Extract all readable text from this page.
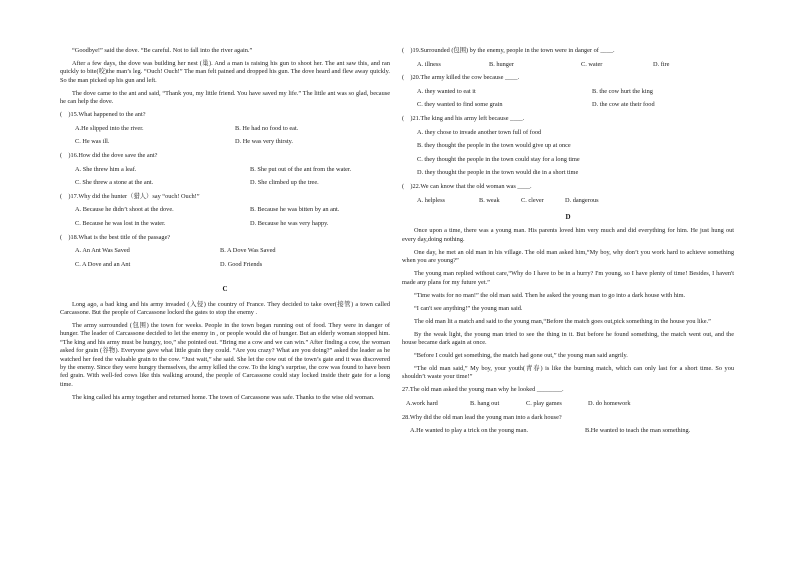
“Goodbye!” said the dove. “Be careful. Not to fall into the river again.”

After a few days, the dove was building her nest (巢). And a man is raising his gun to shoot her. The ant saw this, and ran quickly to bite(咬)the man’s leg. “Ouch! Ouch!” The man felt pained and dropped his gun. The dove heard and flew away quickly. So the man picked up his gun and left.

The dove came to the ant and said, “Thank you, my little friend. You have saved my life.” The little ant was so glad, because he can help the dove.

(　)15.What happened to the ant?
A.He slipped into the river.	B. He had no food to eat.
C. He was ill.	D. He was very thirsty.
(　)16.How did the dove save the ant?
A. She threw him a leaf.	B. She put out of the ant from the water.
C. She threw a stone at the ant.	D. She climbed up the tree.
(　)17.Why did the hunter（猎人）say “ouch! Ouch!”
A. Because he didn’t shoot at the dove.	B. Because he was bitten by an ant.
C. Because he was lost in the water.	D. Because he was very happy.
(　)18.What is the best title of the passage?
A. An Ant Was Saved	B. A Dove Was Saved
C. A Dove and an Ant	D. Good Friends
C

Long ago, a bad king and his army invaded (入侵) the country of France. They decided to take over(接管) a town called Carcassone. But the people of Carcassone locked the gates to stop the enemy .

The army surrounded (包围) the town for weeks. People in the town began running out of food. They were in danger of hunger. The leader of Carcassone decided to let the enemy in , or people would die of hunger. But an elderly woman stopped him. “The king and his army must be hungry, too,” she pointed out. “Bring me a cow and we can win.” After finding a cow, the woman asked for grain (谷物). Everyone gave what little grain they could. “Are you crazy? What are you doing?” asked the leader as he watched her feed the valuable grain to the cow. “Just wait,” she said. She let the cow out of the town’s gate and it was discovered by the enemy. Since they were hungry themselves, the army killed the cow. To the king’s surprise, the cow was found to have been fed grain. With well-fed cows like this walking around, the people of Carcassone could stay locked inside their gate for a long time.

The king called his army together and returned home. The town of Carcassone was safe. Thanks to the wise old woman.

(　)19.Surrounded (包围) by the enemy, people in the town were in danger of ____.
A. illness	B. hunger	C. water	D. fire
(　)20.The army killed the cow because ____.
A. they wanted to eat it	B. the cow hurt the king
C. they wanted to find some grain	D. the cow ate their food
(　)21.The king and his army left because ____.
A. they chose to invade another town full of food
B. they thought the people in the town would give up at once
C. they thought the people in the town could stay for a long time
D. they thought the people in the town would die in a short time
(　)22.We can know that the old woman was ____.
A. helpless	B. weak	C. clever	D. dangerous
D

Once upon a time, there was a young man. His parents loved him very much and did everything for him. He just hung out every day,doing nothing.

One day, he met an old man in his village. The old man asked him,“My boy, why don’t you work hard to achieve something when you are young?”

The young man replied without care,“Why do I have to be in a hurry? I'm young, so I have plenty of time! Besides, I haven't made any plans for my future yet.”

“Time waits for no man!” the old man said. Then he asked the young man to go into a dark house with him.

“I can't see anything!” the young man said.

The old man lit a match and said to the young man,“Before the match goes out,pick something in the house you like.”

By the weak light, the young man tried to see the thing in it. But before he found something, the match went out, and the house became dark again at once.

“Before I could get something, the match had gone out,” the young man said angrily.

“The old man said,” My boy, your youth(青春) is like the burning match, which can only last for a short time. So you shouldn’t waste your time!”

27.The old man asked the young man why he looked ________.
A.work hard	B. hang out	C. play games	D. do homework
28.Why did the old man lead the young man into a dark house?
A.He wanted to play a trick on the young man.	B.He wanted to teach the man something.
